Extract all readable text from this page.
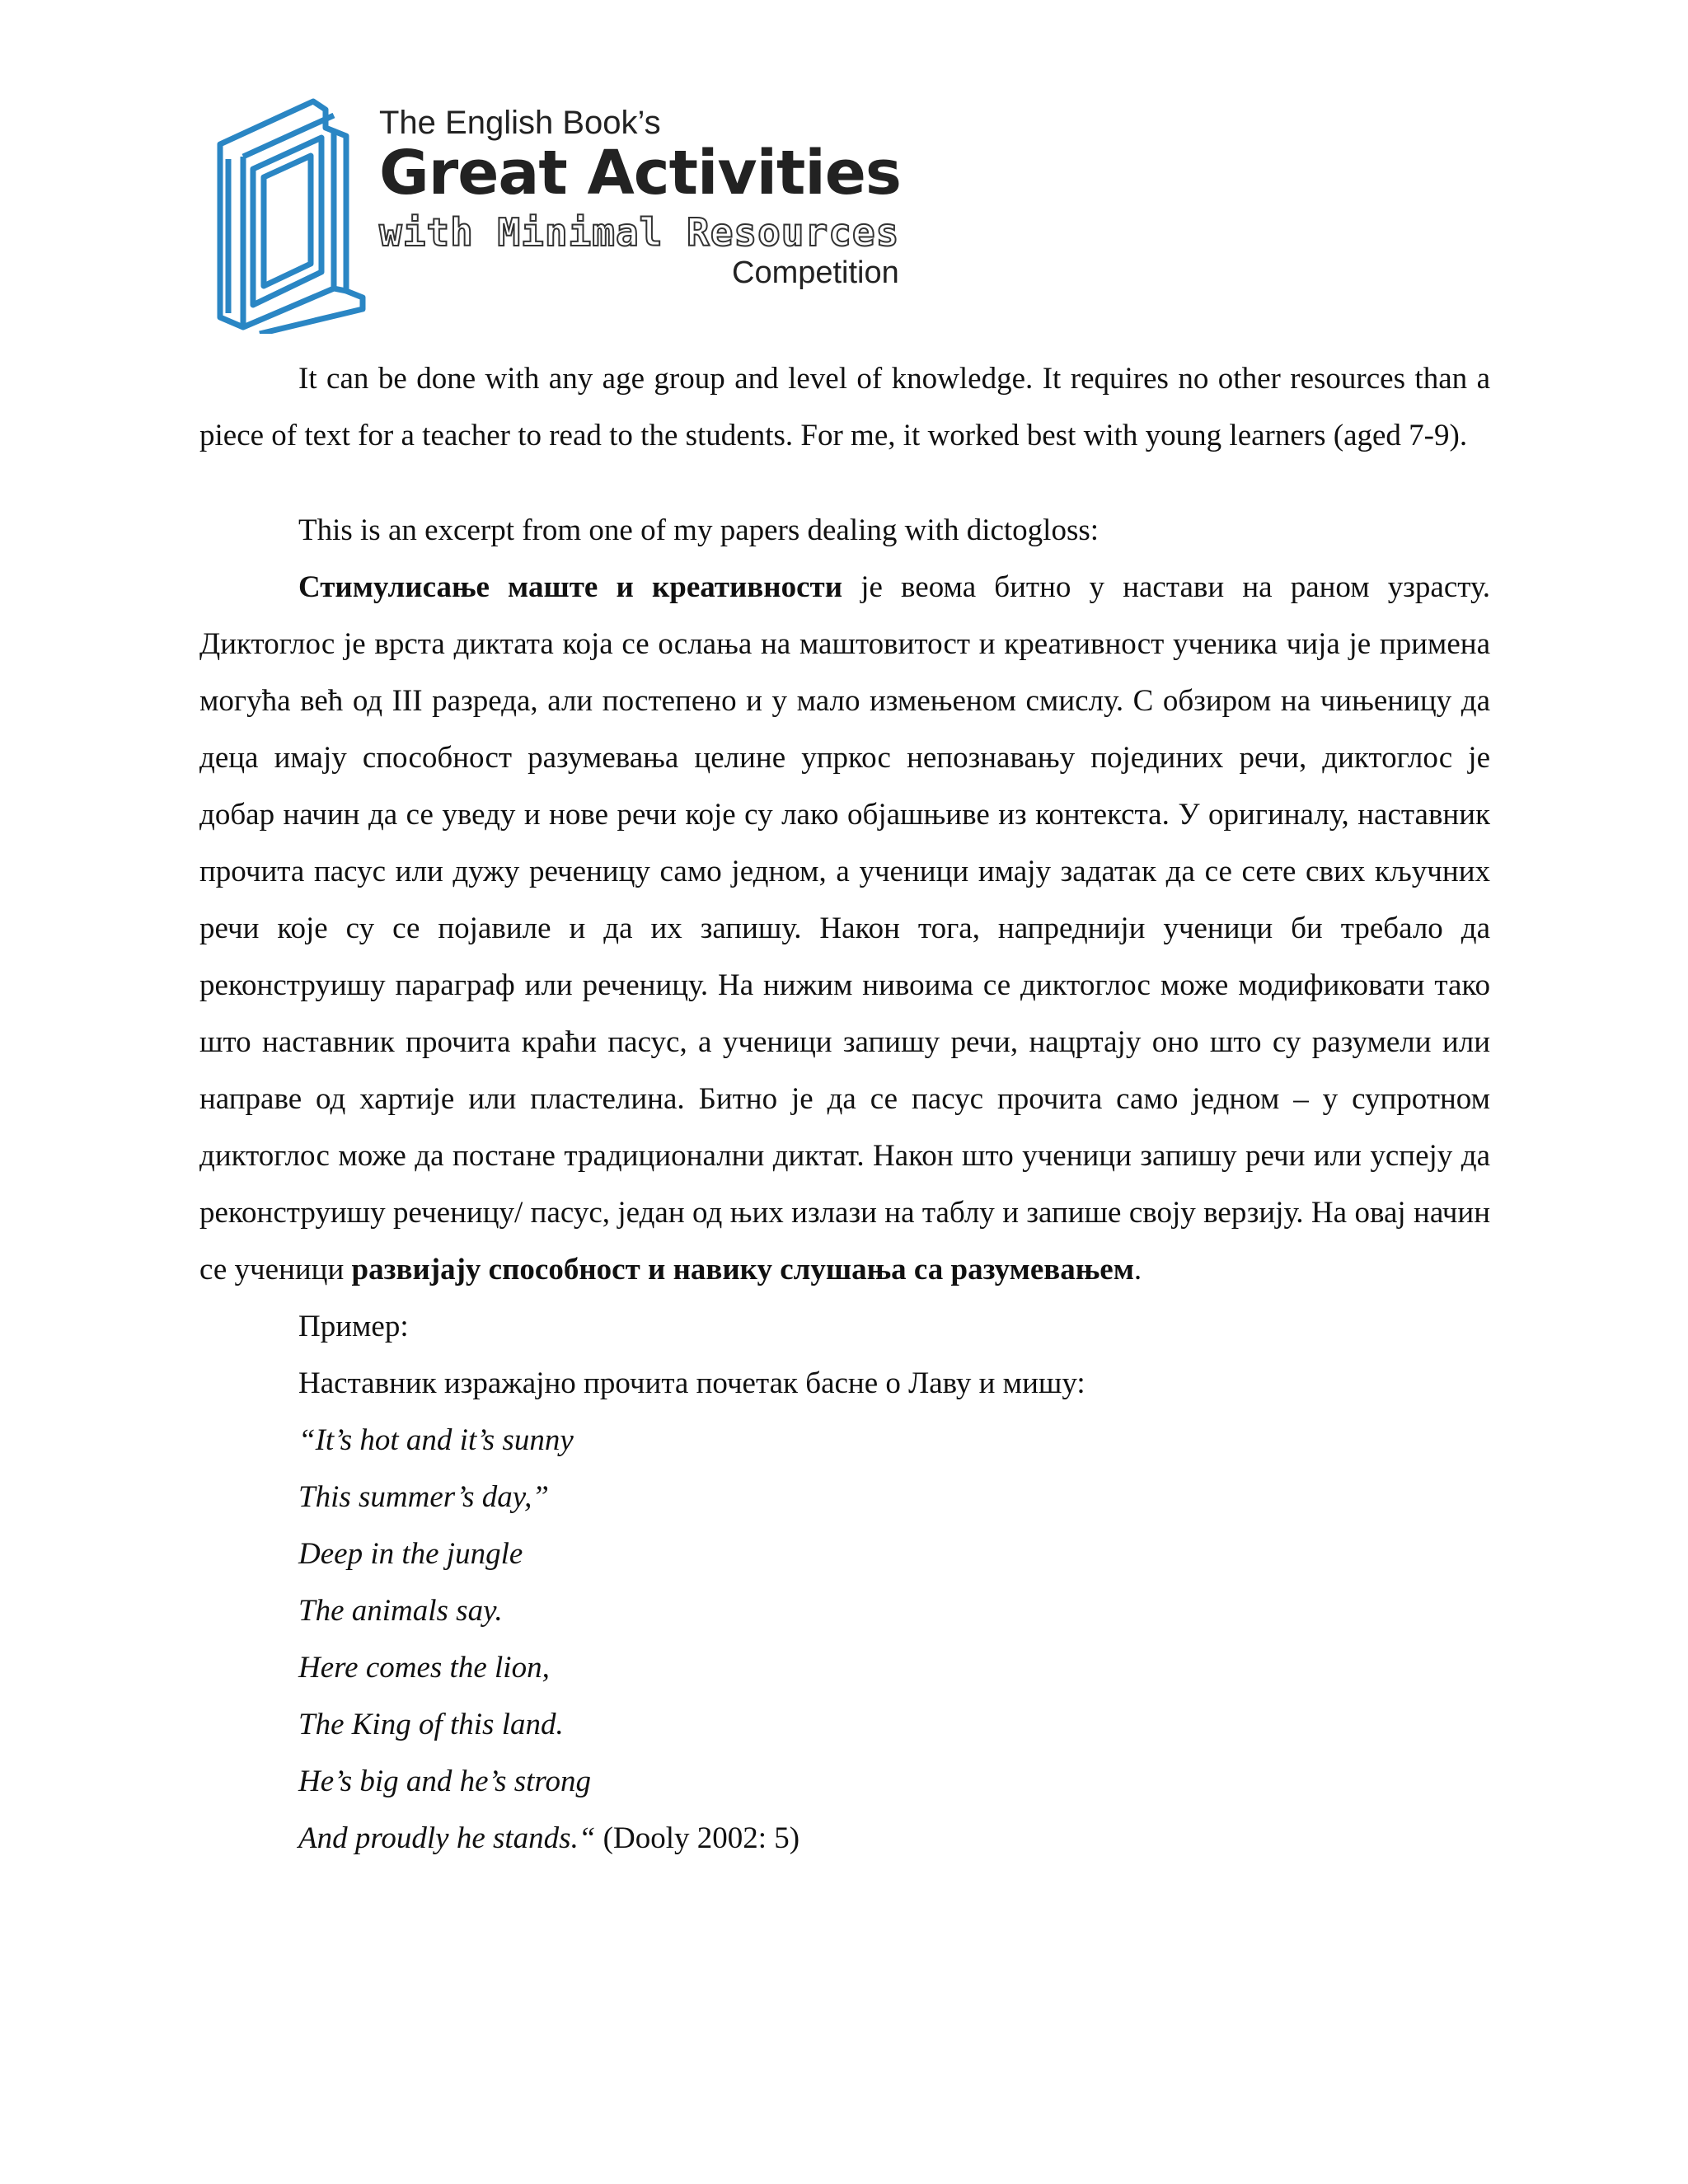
The English Book’s
Great Activities
with Minimal Resources
Competition

It can be done with any age group and level of knowledge. It requires no other resources than a piece of text for a teacher to read to the students. For me, it worked best with young learners (aged 7-9).

This is an excerpt from one of my papers dealing with dictogloss:

Стимулисање маште и креативности је веома битно у настави на раном узрасту. Диктоглос је врста диктата која се ослања на маштовитост и креативност ученика чија је примена могућа већ од III разреда, али постепено и у мало измењеном смислу. С обзиром на чињеницу да деца имају способност разумевања целине упркос непознавању појединих речи, диктоглос је добар начин да се уведу и нове речи које су лако објашњиве из контекста. У оригиналу, наставник прочита пасус или дужу реченицу само једном, а ученици имају задатак да се сете свих кључних речи које су се појавиле и да их запишу. Након тога, напреднији ученици би требало да реконструишу параграф или реченицу. На нижим нивоима се диктоглос може модификовати тако што наставник прочита краћи пасус, а ученици запишу речи, нацртају оно што су разумели или направе од хартије или пластелина. Битно је да се пасус прочита само једном – у супротном диктоглос може да постане традиционални диктат. Након што ученици запишу речи или успеју да реконструишу реченицу/ пасус, један од њих излази на таблу и запише своју верзију. На овај начин се ученици развијају способност и навику слушања са разумевањем.

Пример:

Наставник изражајно прочита почетак басне о Лаву и мишу:

“It’s hot and it’s sunny

This summer’s day,”

Deep in the jungle

The animals say.

Here comes the lion,

The King of this land.

He’s big and he’s strong

And proudly he stands.“ (Dooly 2002: 5)
